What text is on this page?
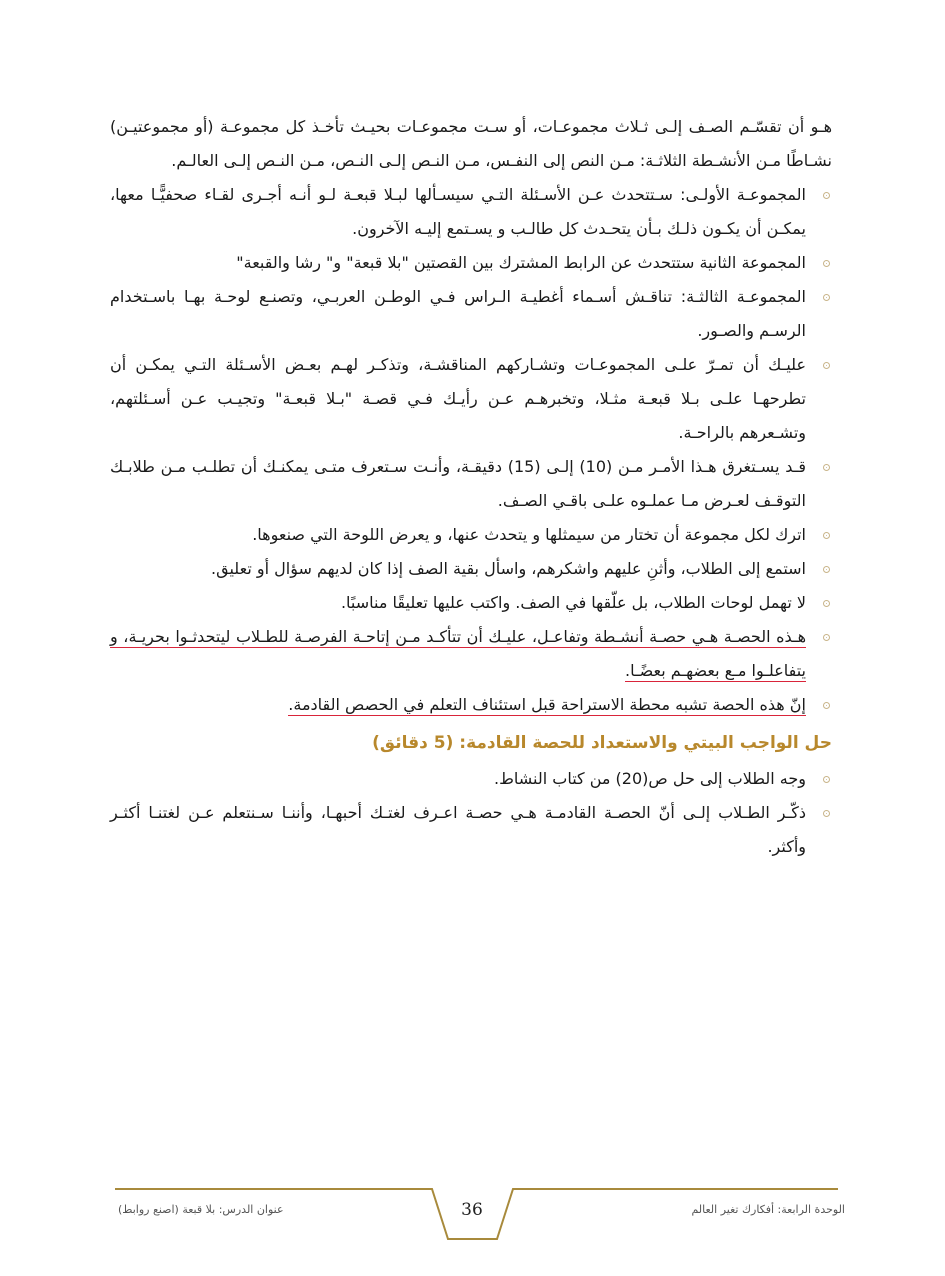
هـو أن تقسّـم الصـف إلـى ثـلاث مجموعـات، أو سـت مجموعـات بحيـث تأخـذ كل مجموعـة (أو مجموعتيـن) نشـاطًا مـن الأنشـطة الثلاثـة: مـن النص إلى النفـس، مـن النـص إلـى النـص، مـن النـص إلـى العالـم.

المجموعـة الأولـى: سـتتحدث عـن الأسـئلة التـي سيسـألها لبـلا قبعـة لـو أنـه أجـرى لقـاء صحفيًّـا معها، يمكـن أن يكـون ذلـك بـأن يتحـدث كل طالـب و يسـتمع إليـه الآخرون.
المجموعة الثانية ستتحدث عن الرابط المشترك بين القصتين "بلا قبعة" و" رشا والقبعة"
المجموعـة الثالثـة: تناقـش أسـماء أغطيـة الـراس فـي الوطـن العربـي، وتصنـع لوحـة بهـا باسـتخدام الرسـم والصـور.
عليـك أن تمـرّ علـى المجموعـات وتشـاركهم المناقشـة، وتذكـر لهـم بعـض الأسـئلة التـي يمكـن أن تطرحهـا علـى بـلا قبعـة مثـلا، وتخبرهـم عـن رأيـك فـي قصـة "بـلا قبعـة" وتجيـب عـن أسـئلتهم، وتشـعرهم بالراحـة.
قـد يسـتغرق هـذا الأمـر مـن (10) إلـى (15) دقيقـة، وأنـت سـتعرف متـى يمكنـك أن تطلـب مـن طلابـك التوقـف لعـرض مـا عملـوه علـى باقـي الصـف.
اترك لكل مجموعة أن تختار من سيمثلها و يتحدث عنها، و يعرض اللوحة التي صنعوها.
استمع إلى الطلاب، وأثنِ عليهم واشكرهم، واسأل بقية الصف إذا كان لديهم سؤال أو تعليق.
لا تهمل لوحات الطلاب، بل علّقها في الصف. واكتب عليها تعليقًا مناسبًا.
هـذه الحصـة هـي حصـة أنشـطة وتفاعـل، عليـك أن تتأكـد مـن إتاحـة الفرصـة للطـلاب ليتحدثـوا بحريـة، و يتفاعلـوا مـع بعضهـم بعضًـا.
إنّ هذه الحصة تشبه محطة الاستراحة قبل استئناف التعلم في الحصص القادمة.
حل الواجب البيتي والاستعداد للحصة القادمة: (5 دقائق)
وجه الطلاب إلى حل ص(20) من كتاب النشاط.
ذكّـر الطـلاب إلـى أنّ الحصـة القادمـة هـي حصـة اعـرف لغتـك أحبهـا، وأننـا سـنتعلم عـن لغتنـا أكثـر وأكثر.
الوحدة الرابعة: أفكارك تغير العالم
36
عنوان الدرس: بلا قبعة (اصنع روابط)
